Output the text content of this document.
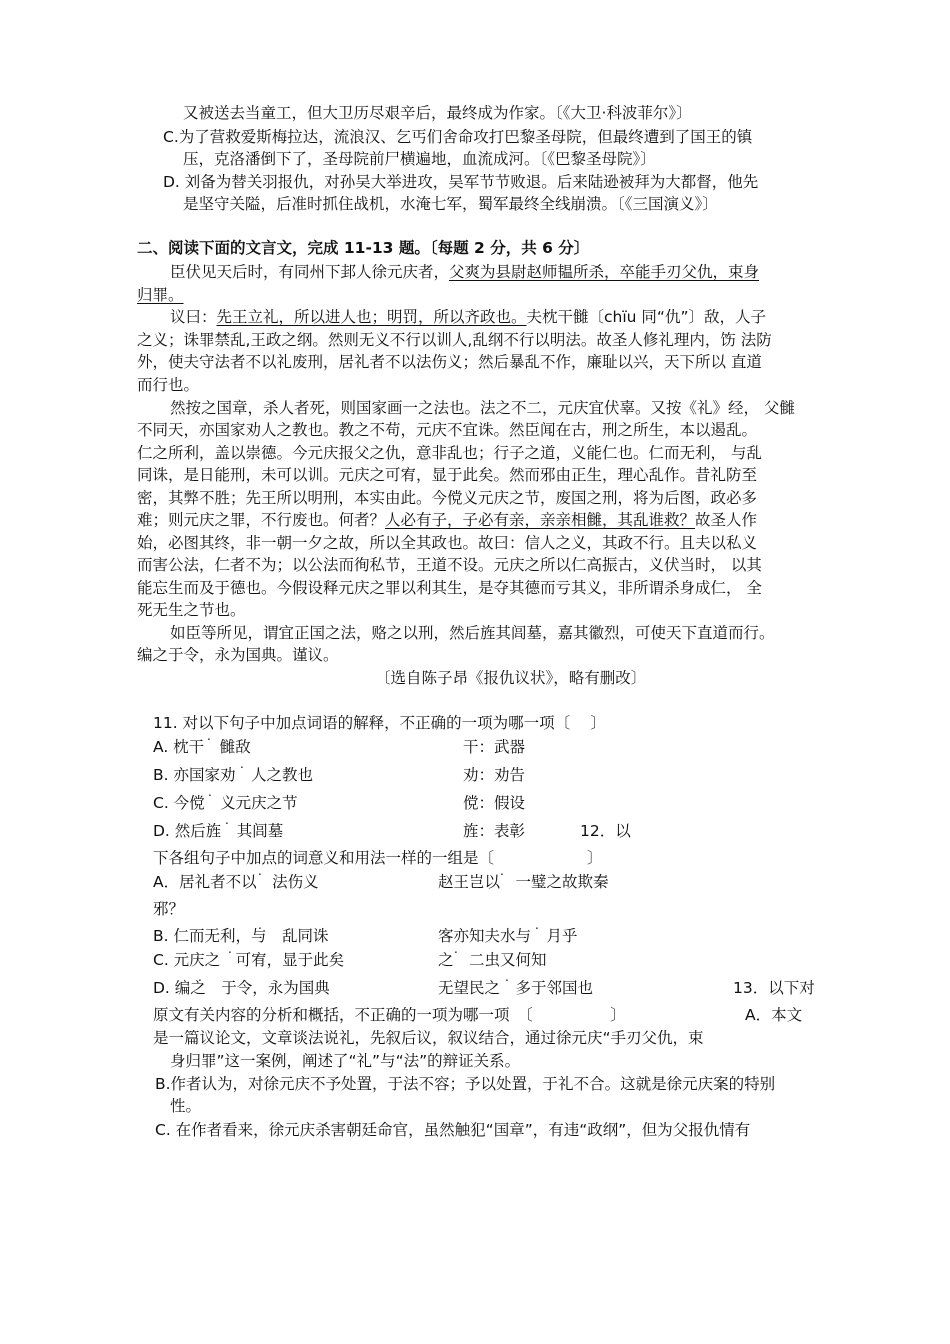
又被送去当童工，但大卫历尽艰辛后，最终成为作家。〔《大卫·科波菲尔》〕
C.为了营救爱斯梅拉达，流浪汉、乞丐们舍命攻打巴黎圣母院，但最终遭到了国王的镇
压，克洛潘倒下了，圣母院前尸横遍地，血流成河。〔《巴黎圣母院》〕
D. 刘备为替关羽报仇，对孙吴大举进攻，吴军节节败退。后来陆逊被拜为大都督，他先
是坚守关隘，后准时抓住战机，水淹七军，蜀军最终全线崩溃。〔《三国演义》〕
二、阅读下面的文言文，完成 11-13 题。〔每题 2 分，共 6 分〕
臣伏见天后时，有同州下邽人徐元庆者，父爽为县尉赵师韫所杀，卒能手刃父仇，束身
归罪。
议曰：先王立礼，所以进人也；明罚，所以齐政也。夫枕干雠〔chïu 同“仇”〕敌，人子
之义；诛罪禁乱,王政之纲。然则无义不行以训人,乱纲不行以明法。故圣人修礼理内，饬 法防
外，使夫守法者不以礼废刑，居礼者不以法伤义；然后暴乱不作，廉耻以兴，天下所以 直道
而行也。
然按之国章，杀人者死，则国家画一之法也。法之不二，元庆宜伏辜。又按《礼》经， 父雠
不同天，亦国家劝人之教也。教之不苟，元庆不宜诛。然臣闻在古，刑之所生，本以遏乱。
仁之所利，盖以崇德。今元庆报父之仇，意非乱也；行子之道，义能仁也。仁而无利， 与乱
同诛，是日能刑，未可以训。元庆之可宥，显于此矣。然而邪由正生，理心乱作。昔礼防至
密，其弊不胜；先王所以明刑，本实由此。今傥义元庆之节，废国之刑，将为后图，政必多
难；则元庆之罪，不行废也。何者？人必有子，子必有亲，亲亲相雠，其乱谁救？故圣人作
始，必图其终，非一朝一夕之故，所以全其政也。故曰：信人之义，其政不行。且夫以私义
而害公法，仁者不为；以公法而徇私节，王道不设。元庆之所以仁高振古，义伏当时， 以其
能忘生而及于德也。今假设释元庆之罪以利其生，是夺其德而亏其义，非所谓杀身成仁， 全
死无生之节也。
如臣等所见，谓宜正国之法，赂之以刑，然后旌其闾墓，嘉其徽烈，可使天下直道而行。
编之于令，永为国典。谨议。
〔选自陈子昂《报仇议状》，略有删改〕
11. 对以下句子中加点词语的解释，不正确的一项为哪一项〔　 〕
A. 枕干　雠敌	干：武器
B. 亦国家劝　人之教也	劝：劝告
C. 今傥　义元庆之节	傥：假设
D. 然后旌　其闾墓	旌：表彰	12．以
下各组句子中加点的词意义和用法一样的一组是〔　　　　　　〕
A．居礼者不以　法伤义	赵王岂以　一璧之故欺秦
邪？
B. 仁而无利，与　乱同诛	客亦知夫水与　月乎
C. 元庆之　可宥，显于此矣	之　二虫又何知
D. 编之　于令，永为国典	无望民之　多于邻国也	13．以下对
原文有关内容的分析和概括，不正确的一项为哪一项　〔　　　　　〕	A．本文
是一篇议论文，文章谈法说礼，先叙后议，叙议结合，通过徐元庆“手刃父仇，束
身归罪”这一案例，阐述了“礼”与“法”的辩证关系。
B.作者认为，对徐元庆不予处置，于法不容；予以处置，于礼不合。这就是徐元庆案的特别
性。
C. 在作者看来，徐元庆杀害朝廷命官，虽然触犯“国章”，有违“政纲”，但为父报仇情有
